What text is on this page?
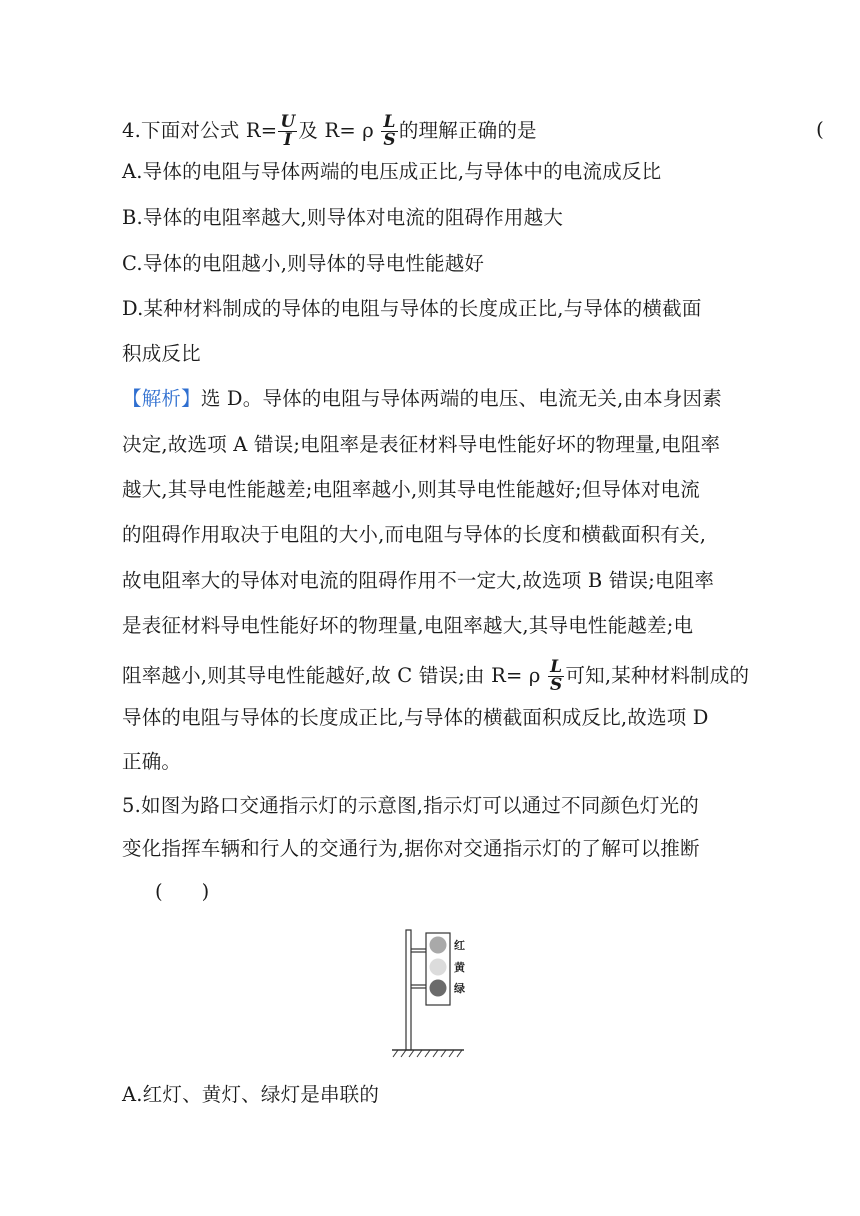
4.下面对公式 $R= \frac{U}{I}$ 及 R= ρ $\frac{L}{S}$ 的理解正确的是	(
A.导体的电阻与导体两端的电压成正比,与导体中的电流成反比
B.导体的电阻率越大,则导体对电流的阻碍作用越大
C.导体的电阻越小,则导体的导电性能越好
D.某种材料制成的导体的电阻与导体的长度成正比,与导体的横截面
积成反比
【解析】选 D。导体的电阻与导体两端的电压、电流无关,由本身因素
决定,故选项 A 错误;电阻率是表征材料导电性能好坏的物理量,电阻率
越大,其导电性能越差;电阻率越小,则其导电性能越好;但导体对电流
的阻碍作用取决于电阻的大小,而电阻与导体的长度和横截面积有关,
故电阻率大的导体对电流的阻碍作用不一定大,故选项 B 错误;电阻率
是表征材料导电性能好坏的物理量,电阻率越大,其导电性能越差;电
阻率越小,则其导电性能越好,故 C 错误;由 R= ρ $\frac{L}{S}$ 可知,某种材料制成的
导体的电阻与导体的长度成正比,与导体的横截面积成反比,故选项 D
正确。
5.如图为路口交通指示灯的示意图,指示灯可以通过不同颜色灯光的
变化指挥车辆和行人的交通行为,据你对交通指示灯的了解可以推断
(　　)
红
黄
绿
A.红灯、黄灯、绿灯是串联的
